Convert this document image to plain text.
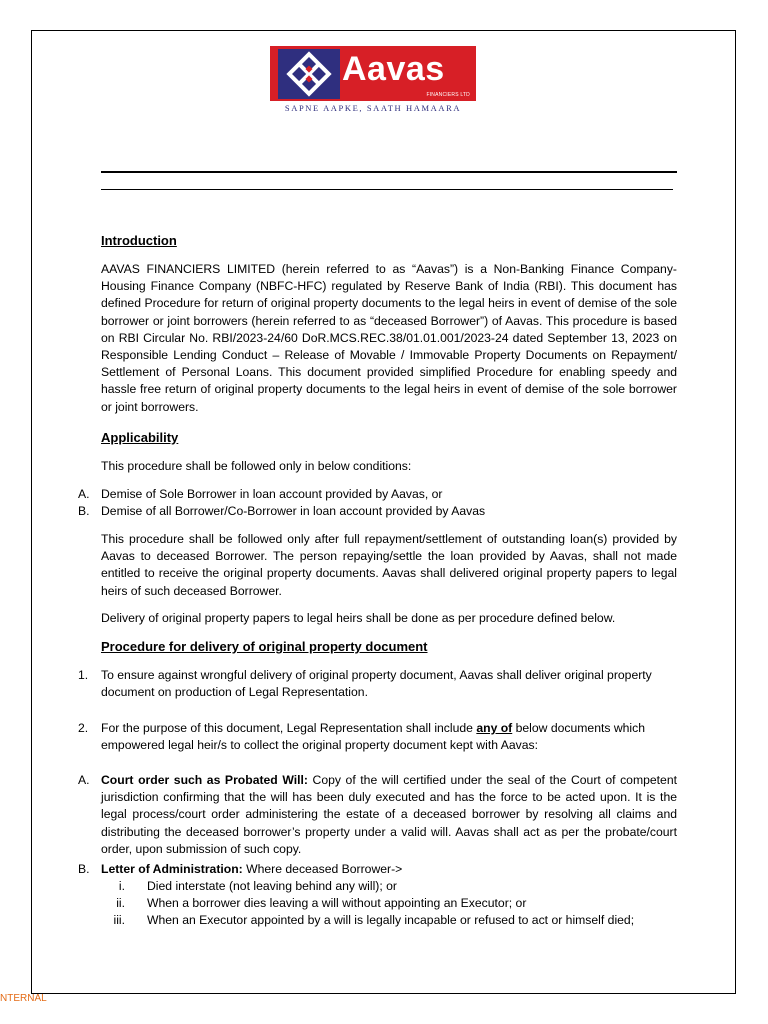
Aavas
FINANCIERS LTD
SAPNE AAPKE, SAATH HAMAARA
Introduction
AAVAS FINANCIERS LIMITED (herein referred to as “Aavas”) is a Non-Banking Finance Company-Housing Finance Company (NBFC-HFC) regulated by Reserve Bank of India (RBI). This document has defined Procedure for return of original property documents to the legal heirs in event of demise of the sole borrower or joint borrowers (herein referred to as “deceased Borrower”) of Aavas. This procedure is based on RBI Circular No. RBI/2023-24/60 DoR.MCS.REC.38/01.01.001/2023-24 dated September 13, 2023 on Responsible Lending Conduct – Release of Movable / Immovable Property Documents on Repayment/ Settlement of Personal Loans. This document provided simplified Procedure for enabling speedy and hassle free return of original property documents to the legal heirs in event of demise of the sole borrower or joint borrowers.
Applicability
This procedure shall be followed only in below conditions:
A. Demise of Sole Borrower in loan account provided by Aavas, or
B. Demise of all Borrower/Co-Borrower in loan account provided by Aavas
This procedure shall be followed only after full repayment/settlement of outstanding loan(s) provided by Aavas to deceased Borrower. The person repaying/settle the loan provided by Aavas, shall not made entitled to receive the original property documents. Aavas shall delivered original property papers to legal heirs of such deceased Borrower.
Delivery of original property papers to legal heirs shall be done as per procedure defined below.
Procedure for delivery of original property document
1. To ensure against wrongful delivery of original property document, Aavas shall deliver original property document on production of Legal Representation.
2. For the purpose of this document, Legal Representation shall include any of below documents which empowered legal heir/s to collect the original property document kept with Aavas:
A. Court order such as Probated Will: Copy of the will certified under the seal of the Court of competent jurisdiction confirming that the will has been duly executed and has the force to be acted upon. It is the legal process/court order administering the estate of a deceased borrower by resolving all claims and distributing the deceased borrower’s property under a valid will. Aavas shall act as per the probate/court order, upon submission of such copy.
B. Letter of Administration: Where deceased Borrower->
i. Died interstate (not leaving behind any will); or
ii. When a borrower dies leaving a will without appointing an Executor; or
iii. When an Executor appointed by a will is legally incapable or refused to act or himself died;
NTERNAL
